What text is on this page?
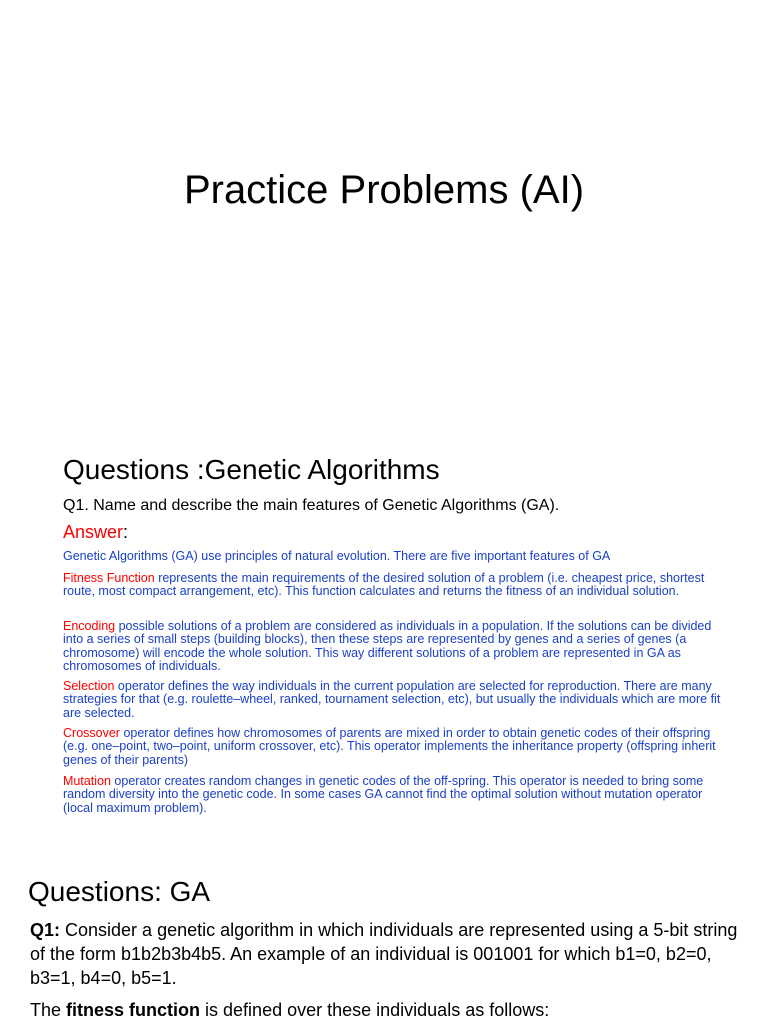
Practice Problems (AI)
Questions :Genetic Algorithms
Q1. Name and describe the main features of Genetic Algorithms (GA).
Answer:
Genetic Algorithms (GA) use principles of natural evolution. There are five important features of GA
Fitness Function represents the main requirements of the desired solution of a problem (i.e. cheapest price, shortest route, most compact arrangement, etc). This function calculates and returns the fitness of an individual solution.
Encoding possible solutions of a problem are considered as individuals in a population. If the solutions can be divided into a series of small steps (building blocks), then these steps are represented by genes and a series of genes (a chromosome) will encode the whole solution. This way different solutions of a problem are represented in GA as chromosomes of individuals.
Selection operator defines the way individuals in the current population are selected for reproduction. There are many strategies for that (e.g. roulette–wheel, ranked, tournament selection, etc), but usually the individuals which are more fit are selected.
Crossover operator defines how chromosomes of parents are mixed in order to obtain genetic codes of their offspring (e.g. one–point, two–point, uniform crossover, etc). This operator implements the inheritance property (offspring inherit genes of their parents)
Mutation operator creates random changes in genetic codes of the off-spring. This operator is needed to bring some random diversity into the genetic code. In some cases GA cannot find the optimal solution without mutation operator (local maximum problem).
Questions: GA
Q1: Consider a genetic algorithm in which individuals are represented using a 5-bit string of the form b1b2b3b4b5. An example of an individual is 001001 for which b1=0, b2=0, b3=1, b4=0, b5=1.
The fitness function is defined over these individuals as follows:
